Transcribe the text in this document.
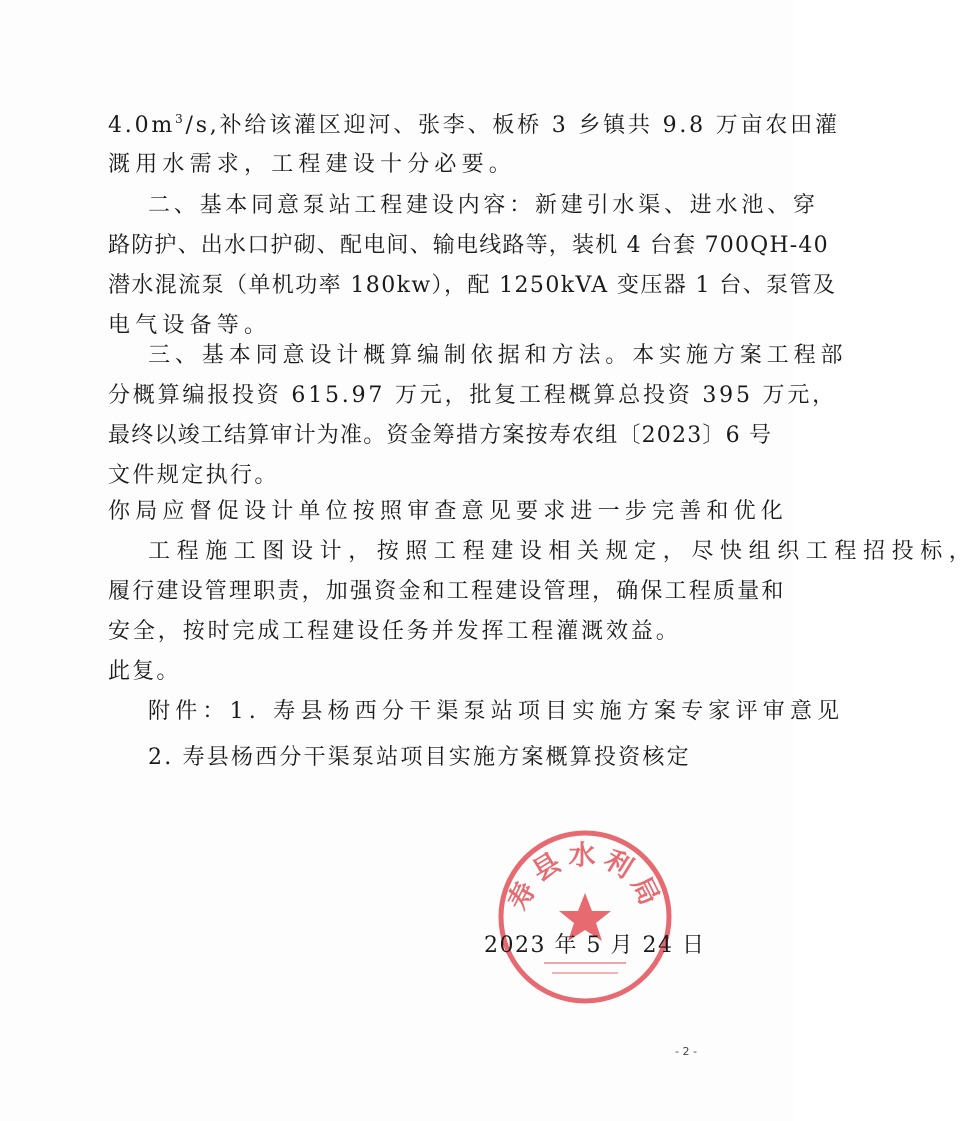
$4.0m^3/s$,补给该灌区迎河、张李、板桥 3 乡镇共 9.8 万亩农田灌
溉用水需求，工程建设十分必要。
二、基本同意泵站工程建设内容：新建引水渠、进水池、穿
路防护、出水口护砌、配电间、输电线路等，装机 4 台套 700QH-40
潜水混流泵（单机功率 180kw），配 1250kVA 变压器 1 台、泵管及
电气设备等。
三、基本同意设计概算编制依据和方法。本实施方案工程部
分概算编报投资 615.97 万元，批复工程概算总投资 395 万元，
最终以竣工结算审计为准。资金筹措方案按寿农组〔2023〕6 号
文件规定执行。
你局应督促设计单位按照审查意见要求进一步完善和优化
工程施工图设计，按照工程建设相关规定，尽快组织工程招投标，
履行建设管理职责，加强资金和工程建设管理，确保工程质量和
安全，按时完成工程建设任务并发挥工程灌溉效益。
此复。
附件：1. 寿县杨西分干渠泵站项目实施方案专家评审意见
2. 寿县杨西分干渠泵站项目实施方案概算投资核定
寿县水利局
2023 年 5 月 24 日
- 2 -
